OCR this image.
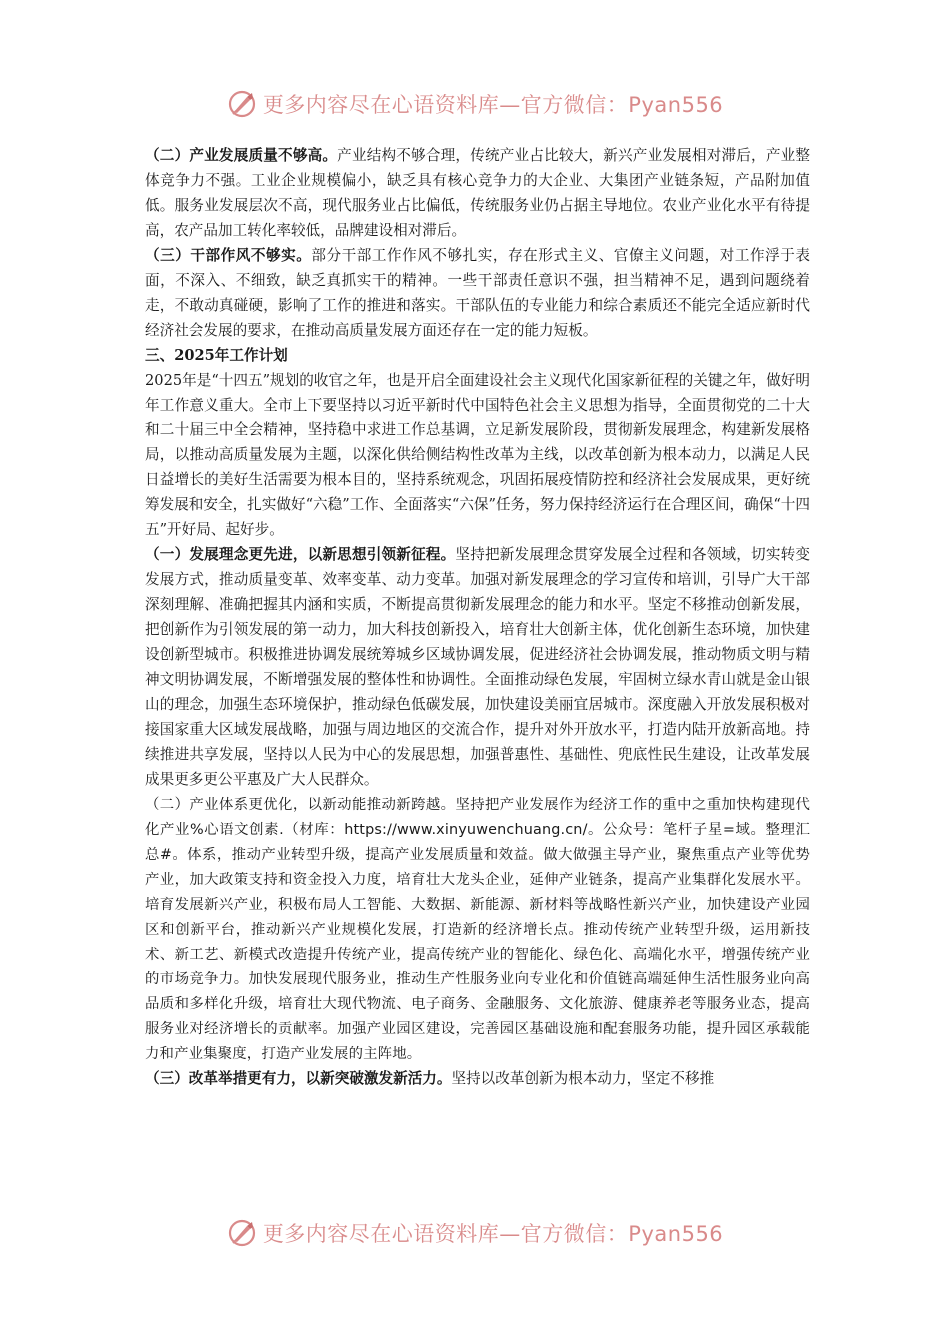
更多内容尽在心语资料库—官方微信：Pyan556

（二）产业发展质量不够高。产业结构不够合理，传统产业占比较大，新兴产业发展相对滞后，产业整体竞争力不强。工业企业规模偏小，缺乏具有核心竞争力的大企业、大集团产业链条短，产品附加值低。服务业发展层次不高，现代服务业占比偏低，传统服务业仍占据主导地位。农业产业化水平有待提高，农产品加工转化率较低，品牌建设相对滞后。

（三）干部作风不够实。部分干部工作作风不够扎实，存在形式主义、官僚主义问题，对工作浮于表面，不深入、不细致，缺乏真抓实干的精神。一些干部责任意识不强，担当精神不足，遇到问题绕着走，不敢动真碰硬，影响了工作的推进和落实。干部队伍的专业能力和综合素质还不能完全适应新时代经济社会发展的要求，在推动高质量发展方面还存在一定的能力短板。

三、2025年工作计划

2025年是“十四五”规划的收官之年，也是开启全面建设社会主义现代化国家新征程的关键之年，做好明年工作意义重大。全市上下要坚持以习近平新时代中国特色社会主义思想为指导，全面贯彻党的二十大和二十届三中全会精神，坚持稳中求进工作总基调，立足新发展阶段，贯彻新发展理念，构建新发展格局，以推动高质量发展为主题，以深化供给侧结构性改革为主线，以改革创新为根本动力，以满足人民日益增长的美好生活需要为根本目的，坚持系统观念，巩固拓展疫情防控和经济社会发展成果，更好统筹发展和安全，扎实做好“六稳”工作、全面落实“六保”任务，努力保持经济运行在合理区间，确保“十四五”开好局、起好步。

（一）发展理念更先进，以新思想引领新征程。坚持把新发展理念贯穿发展全过程和各领域，切实转变发展方式，推动质量变革、效率变革、动力变革。加强对新发展理念的学习宣传和培训，引导广大干部深刻理解、准确把握其内涵和实质，不断提高贯彻新发展理念的能力和水平。坚定不移推动创新发展，把创新作为引领发展的第一动力，加大科技创新投入，培育壮大创新主体，优化创新生态环境，加快建设创新型城市。积极推进协调发展统筹城乡区域协调发展，促进经济社会协调发展，推动物质文明与精神文明协调发展，不断增强发展的整体性和协调性。全面推动绿色发展，牢固树立绿水青山就是金山银山的理念，加强生态环境保护，推动绿色低碳发展，加快建设美丽宜居城市。深度融入开放发展积极对接国家重大区域发展战略，加强与周边地区的交流合作，提升对外开放水平，打造内陆开放新高地。持续推进共享发展，坚持以人民为中心的发展思想，加强普惠性、基础性、兜底性民生建设，让改革发展成果更多更公平惠及广大人民群众。

（二）产业体系更优化，以新动能推动新跨越。坚持把产业发展作为经济工作的重中之重加快构建现代化产业%心语文创素.（材库：https://www.xinyuwenchuang.cn/。公众号：笔杆子星=域。整理汇总#。体系，推动产业转型升级，提高产业发展质量和效益。做大做强主导产业，聚焦重点产业等优势产业，加大政策支持和资金投入力度，培育壮大龙头企业，延伸产业链条，提高产业集群化发展水平。培育发展新兴产业，积极布局人工智能、大数据、新能源、新材料等战略性新兴产业，加快建设产业园区和创新平台，推动新兴产业规模化发展，打造新的经济增长点。推动传统产业转型升级，运用新技术、新工艺、新模式改造提升传统产业，提高传统产业的智能化、绿色化、高端化水平，增强传统产业的市场竞争力。加快发展现代服务业，推动生产性服务业向专业化和价值链高端延伸生活性服务业向高品质和多样化升级，培育壮大现代物流、电子商务、金融服务、文化旅游、健康养老等服务业态，提高服务业对经济增长的贡献率。加强产业园区建设，完善园区基础设施和配套服务功能，提升园区承载能力和产业集聚度，打造产业发展的主阵地。

（三）改革举措更有力，以新突破激发新活力。坚持以改革创新为根本动力，坚定不移推

更多内容尽在心语资料库—官方微信：Pyan556
